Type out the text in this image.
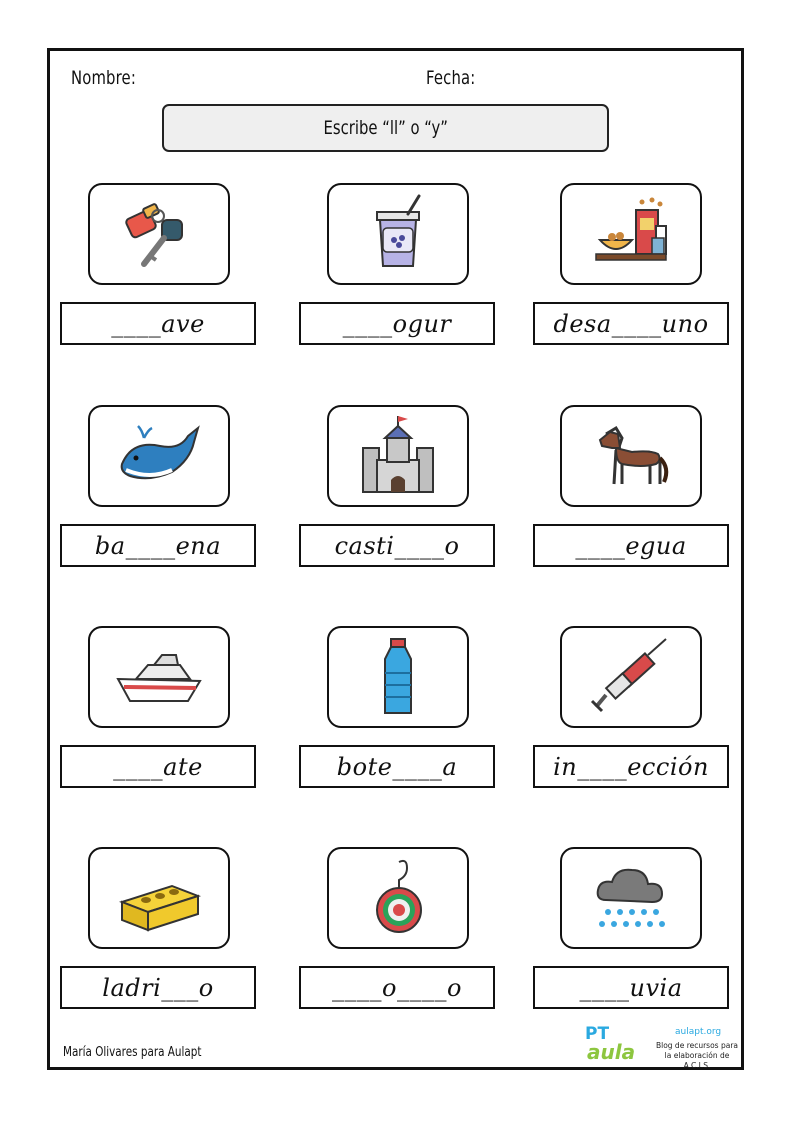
Nombre:	Fecha:
Escribe “ll” o “y”
____ave	____ogur	desa____uno
ba____ena	casti____o	____egua
____ate	bote____a	in____ección
ladri___o	____o____o	____uvia
María Olivares para Aulapt
PT
aula
aulapt.org
Blog de recursos para la elaboración de A.C.I.S.
